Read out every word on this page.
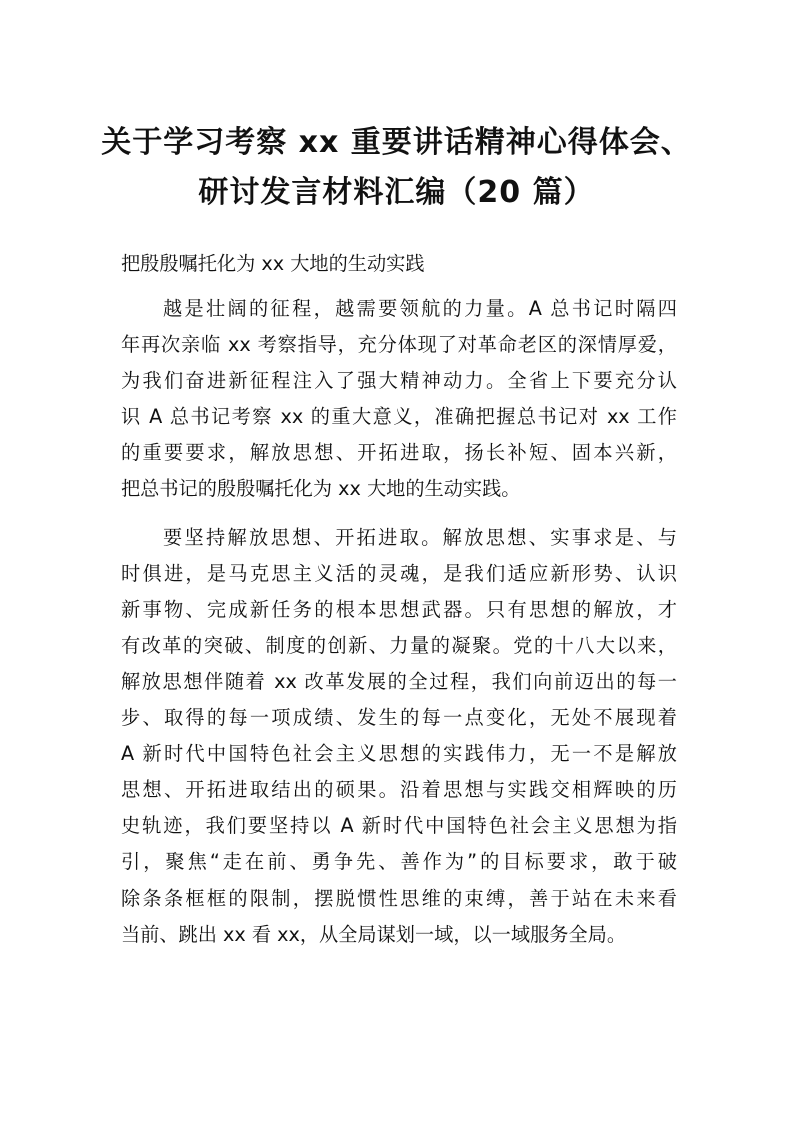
关于学习考察 xx 重要讲话精神心得体会、
研讨发言材料汇编（20 篇）
把殷殷嘱托化为 xx 大地的生动实践
越是壮阔的征程，越需要领航的力量。A 总书记时隔四
年再次亲临 xx 考察指导，充分体现了对革命老区的深情厚爱，
为我们奋进新征程注入了强大精神动力。全省上下要充分认
识 A 总书记考察 xx 的重大意义，准确把握总书记对 xx 工作
的重要要求，解放思想、开拓进取，扬长补短、固本兴新，
把总书记的殷殷嘱托化为 xx 大地的生动实践。
要坚持解放思想、开拓进取。解放思想、实事求是、与
时俱进，是马克思主义活的灵魂，是我们适应新形势、认识
新事物、完成新任务的根本思想武器。只有思想的解放，才
有改革的突破、制度的创新、力量的凝聚。党的十八大以来，
解放思想伴随着 xx 改革发展的全过程，我们向前迈出的每一
步、取得的每一项成绩、发生的每一点变化，无处不展现着
A 新时代中国特色社会主义思想的实践伟力，无一不是解放
思想、开拓进取结出的硕果。沿着思想与实践交相辉映的历
史轨迹，我们要坚持以 A 新时代中国特色社会主义思想为指
引，聚焦“走在前、勇争先、善作为”的目标要求，敢于破
除条条框框的限制，摆脱惯性思维的束缚，善于站在未来看
当前、跳出 xx 看 xx，从全局谋划一域，以一域服务全局。
